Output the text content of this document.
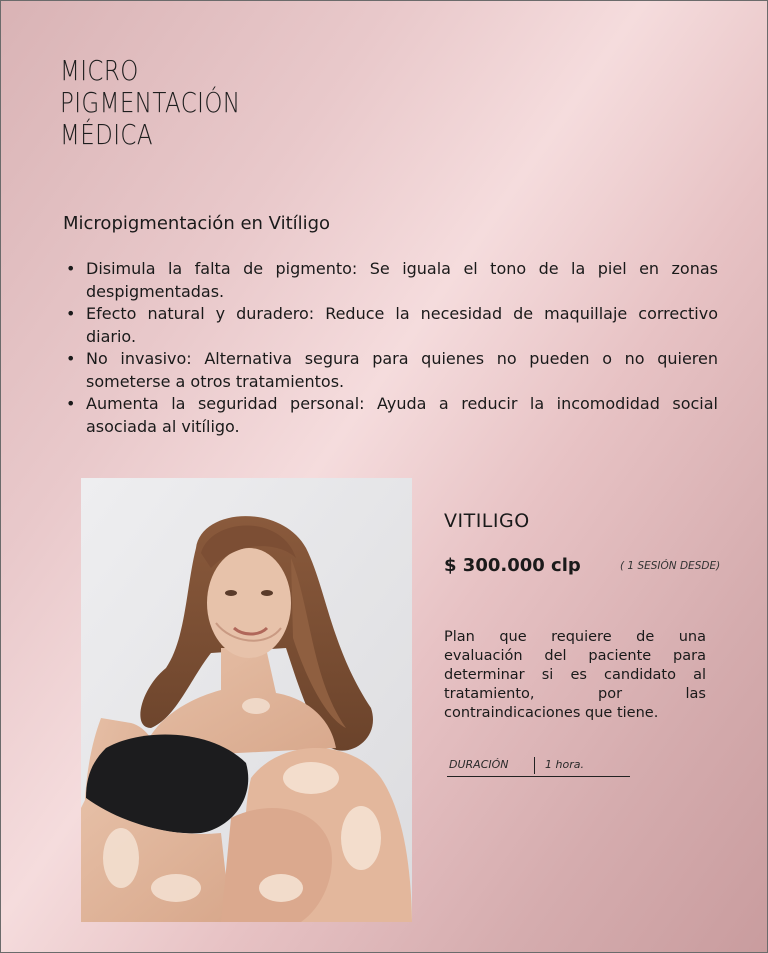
MICRO
PIGMENTACIÓN
MÉDICA
Micropigmentación en Vitíligo
• Disimula la falta de pigmento: Se iguala el tono de la piel en zonas despigmentadas.
• Efecto natural y duradero: Reduce la necesidad de maquillaje correctivo diario.
• No invasivo: Alternativa segura para quienes no pueden o no quieren someterse a otros tratamientos.
• Aumenta la seguridad personal: Ayuda a reducir la incomodidad social asociada al vitíligo.
VITILIGO
$ 300.000 clp	( 1 SESIÓN DESDE)
Plan que requiere de una evaluación del paciente para determinar si es candidato al tratamiento, por las contraindicaciones que tiene.
DURACIÓN	1 hora.
